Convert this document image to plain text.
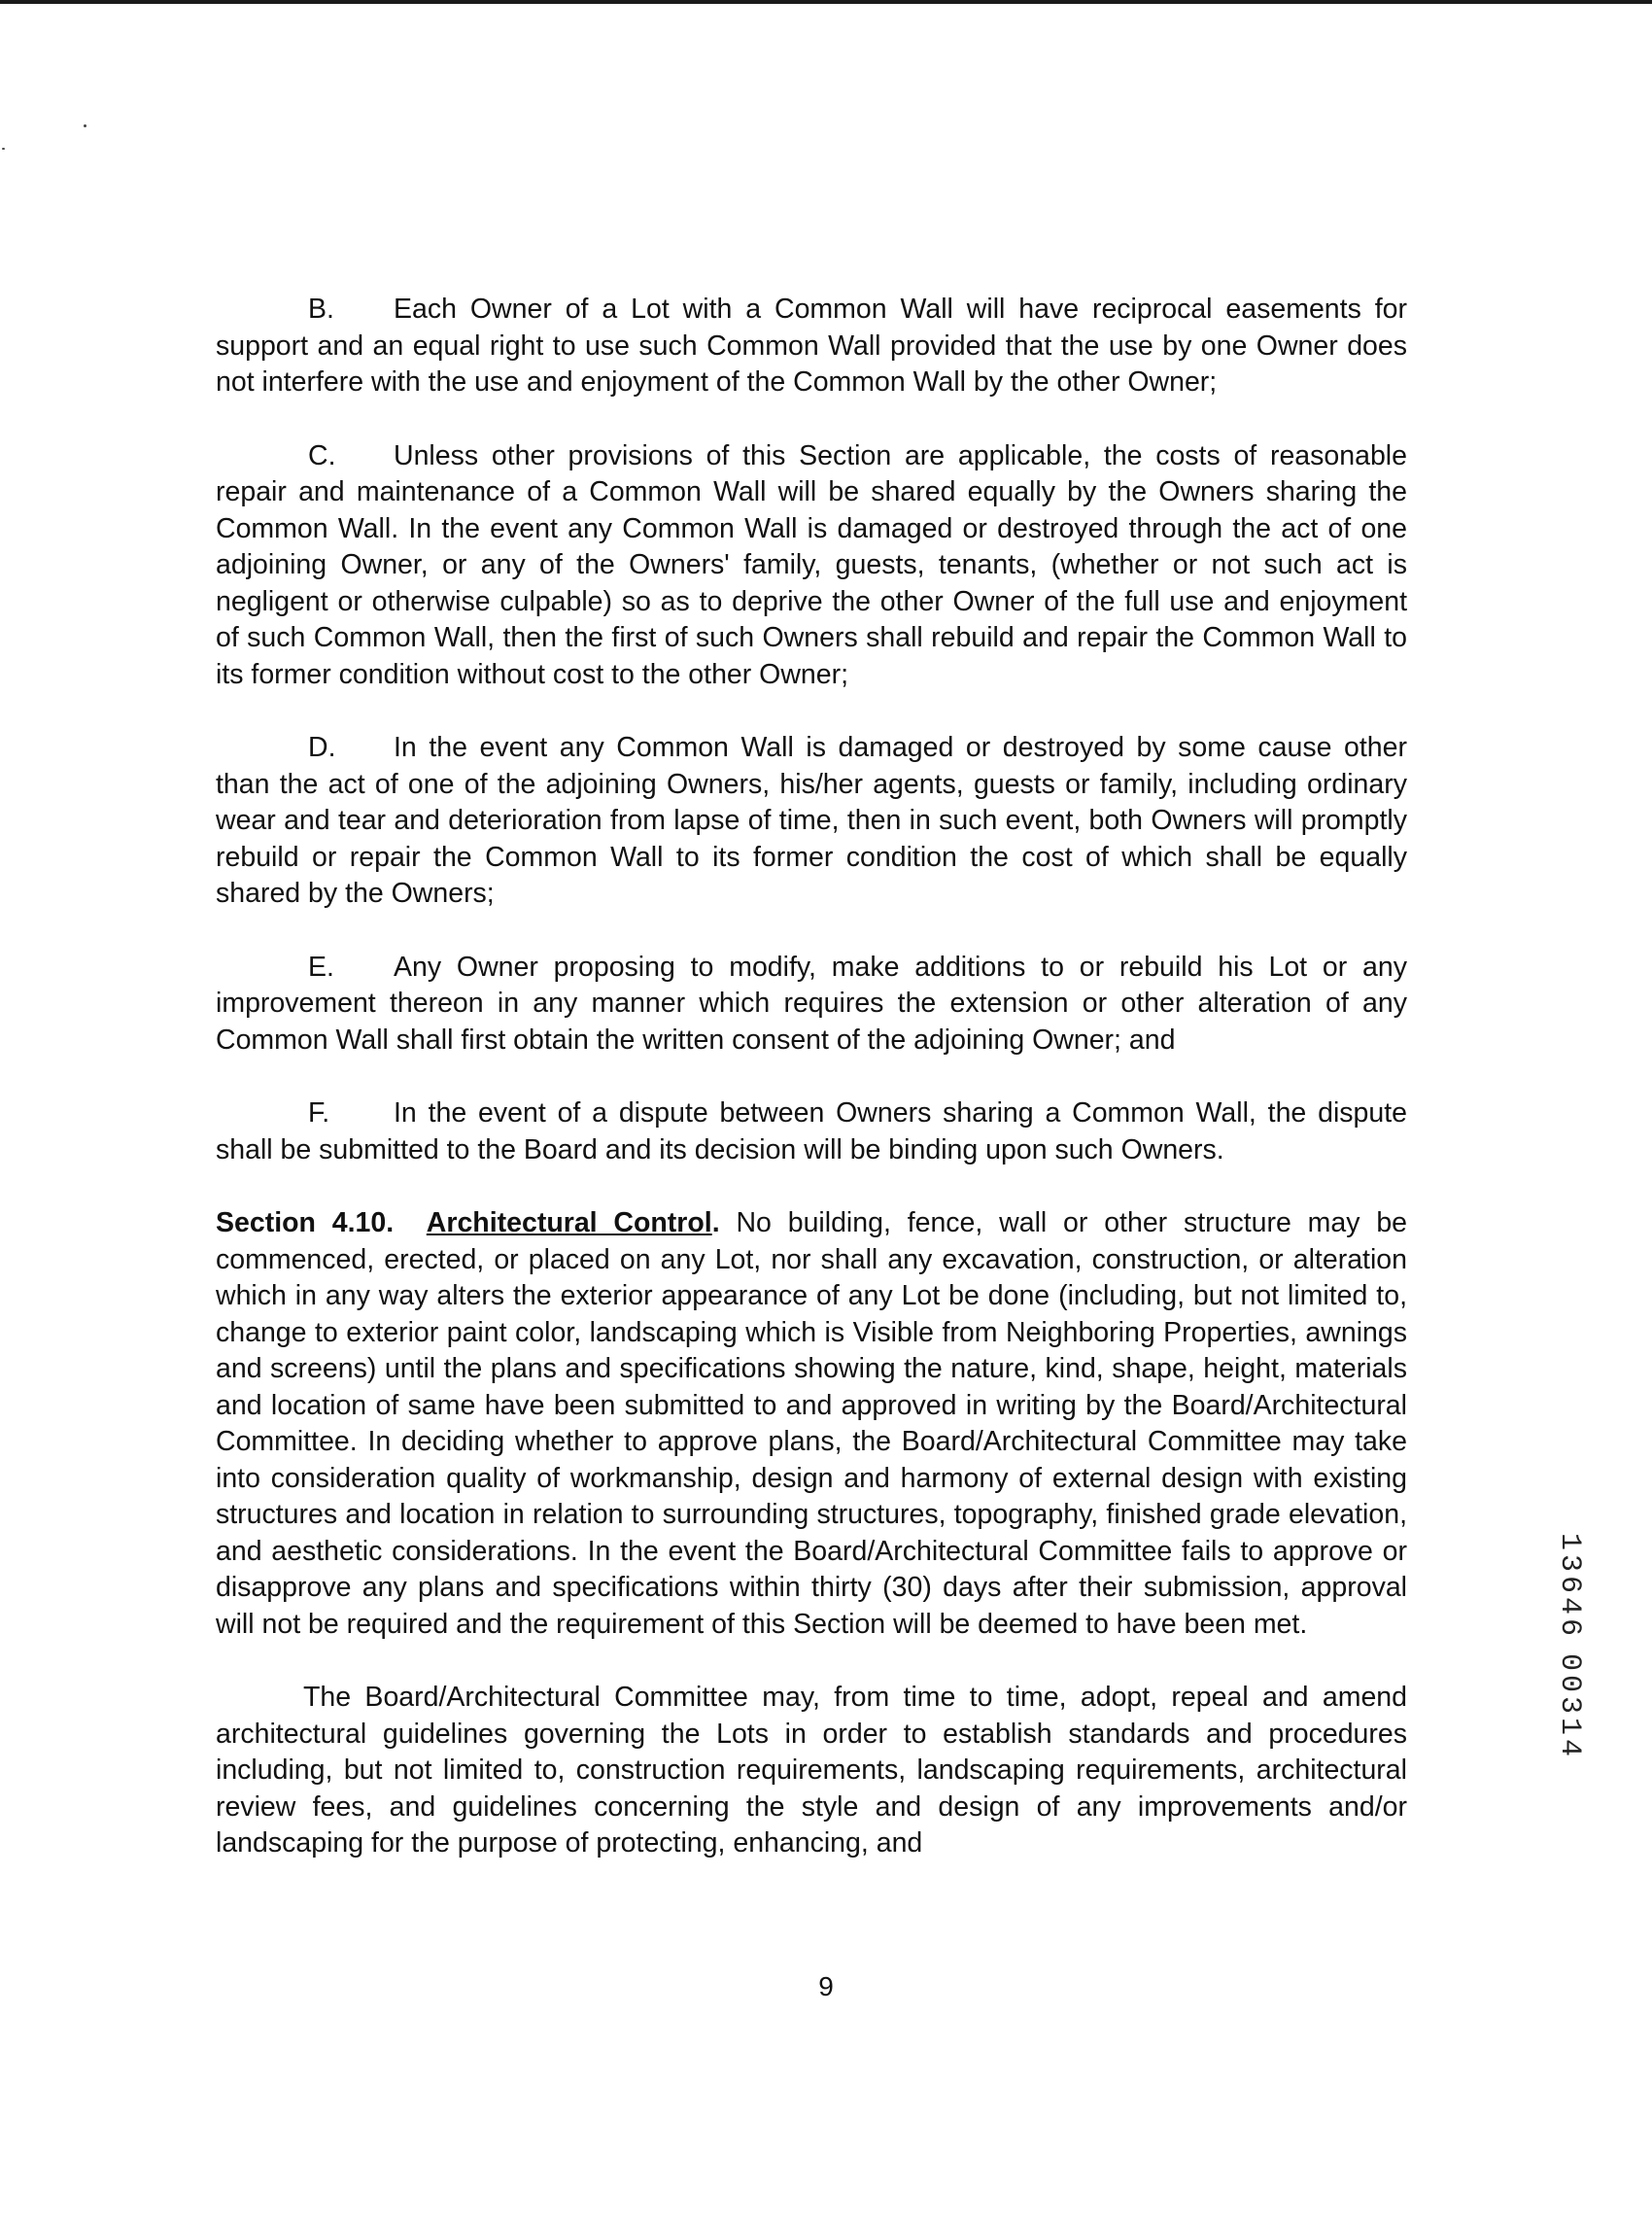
B. Each Owner of a Lot with a Common Wall will have reciprocal easements for support and an equal right to use such Common Wall provided that the use by one Owner does not interfere with the use and enjoyment of the Common Wall by the other Owner;

C. Unless other provisions of this Section are applicable, the costs of reasonable repair and maintenance of a Common Wall will be shared equally by the Owners sharing the Common Wall. In the event any Common Wall is damaged or destroyed through the act of one adjoining Owner, or any of the Owners' family, guests, tenants, (whether or not such act is negligent or otherwise culpable) so as to deprive the other Owner of the full use and enjoyment of such Common Wall, then the first of such Owners shall rebuild and repair the Common Wall to its former condition without cost to the other Owner;

D. In the event any Common Wall is damaged or destroyed by some cause other than the act of one of the adjoining Owners, his/her agents, guests or family, including ordinary wear and tear and deterioration from lapse of time, then in such event, both Owners will promptly rebuild or repair the Common Wall to its former condition the cost of which shall be equally shared by the Owners;

E. Any Owner proposing to modify, make additions to or rebuild his Lot or any improvement thereon in any manner which requires the extension or other alteration of any Common Wall shall first obtain the written consent of the adjoining Owner; and

F. In the event of a dispute between Owners sharing a Common Wall, the dispute shall be submitted to the Board and its decision will be binding upon such Owners.

Section 4.10. Architectural Control. No building, fence, wall or other structure may be commenced, erected, or placed on any Lot, nor shall any excavation, construction, or alteration which in any way alters the exterior appearance of any Lot be done (including, but not limited to, change to exterior paint color, landscaping which is Visible from Neighboring Properties, awnings and screens) until the plans and specifications showing the nature, kind, shape, height, materials and location of same have been submitted to and approved in writing by the Board/Architectural Committee. In deciding whether to approve plans, the Board/Architectural Committee may take into consideration quality of workmanship, design and harmony of external design with existing structures and location in relation to surrounding structures, topography, finished grade elevation, and aesthetic considerations. In the event the Board/Architectural Committee fails to approve or disapprove any plans and specifications within thirty (30) days after their submission, approval will not be required and the requirement of this Section will be deemed to have been met.

The Board/Architectural Committee may, from time to time, adopt, repeal and amend architectural guidelines governing the Lots in order to establish standards and procedures including, but not limited to, construction requirements, landscaping requirements, architectural review fees, and guidelines concerning the style and design of any improvements and/or landscaping for the purpose of protecting, enhancing, and

9
1
3
6
4
6

0
0
3
1
4
